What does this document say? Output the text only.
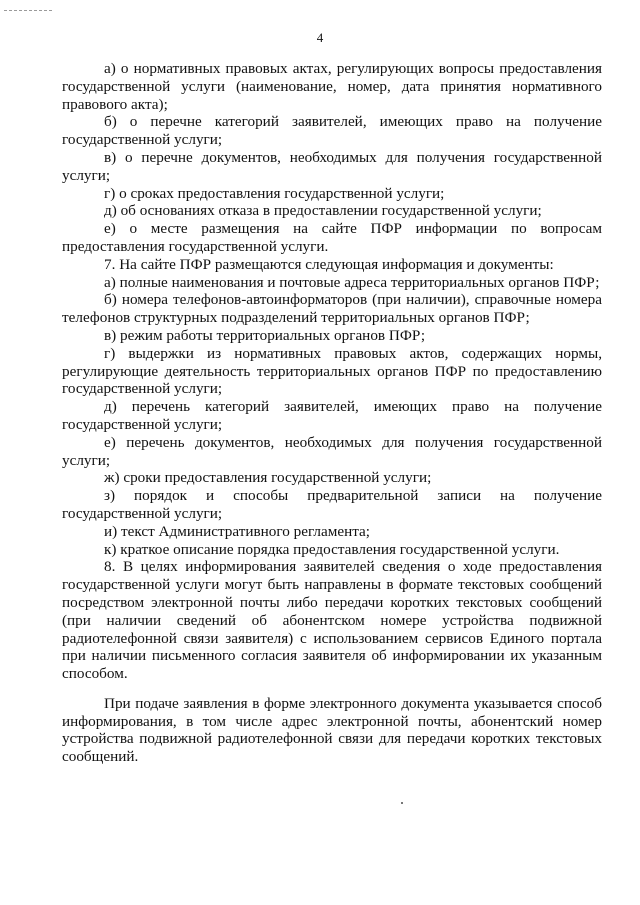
4

а) о нормативных правовых актах, регулирующих вопросы предоставления государственной услуги (наименование, номер, дата принятия нормативного правового акта);

б) о перечне категорий заявителей, имеющих право на получение государственной услуги;

в) о перечне документов, необходимых для получения государственной услуги;

г) о сроках предоставления государственной услуги;

д) об основаниях отказа в предоставлении государственной услуги;

е) о месте размещения на сайте ПФР информации по вопросам предоставления государственной услуги.

7. На сайте ПФР размещаются следующая информация и документы:

а) полные наименования и почтовые адреса территориальных органов ПФР;

б) номера телефонов-автоинформаторов (при наличии), справочные номера телефонов структурных подразделений территориальных органов ПФР;

в) режим работы территориальных органов ПФР;

г) выдержки из нормативных правовых актов, содержащих нормы, регулирующие деятельность территориальных органов ПФР по предоставлению государственной услуги;

д) перечень категорий заявителей, имеющих право на получение государственной услуги;

е) перечень документов, необходимых для получения государственной услуги;

ж) сроки предоставления государственной услуги;

з) порядок и способы предварительной записи на получение государственной услуги;

и) текст Административного регламента;

к) краткое описание порядка предоставления государственной услуги.

8. В целях информирования заявителей сведения о ходе предоставления государственной услуги могут быть направлены в формате текстовых сообщений посредством электронной почты либо передачи коротких текстовых сообщений (при наличии сведений об абонентском номере устройства подвижной радиотелефонной связи заявителя) с использованием сервисов Единого портала при наличии письменного согласия заявителя об информировании их указанным способом.

При подаче заявления в форме электронного документа указывается способ информирования, в том числе адрес электронной почты, абонентский номер устройства подвижной радиотелефонной связи для передачи коротких текстовых сообщений.
